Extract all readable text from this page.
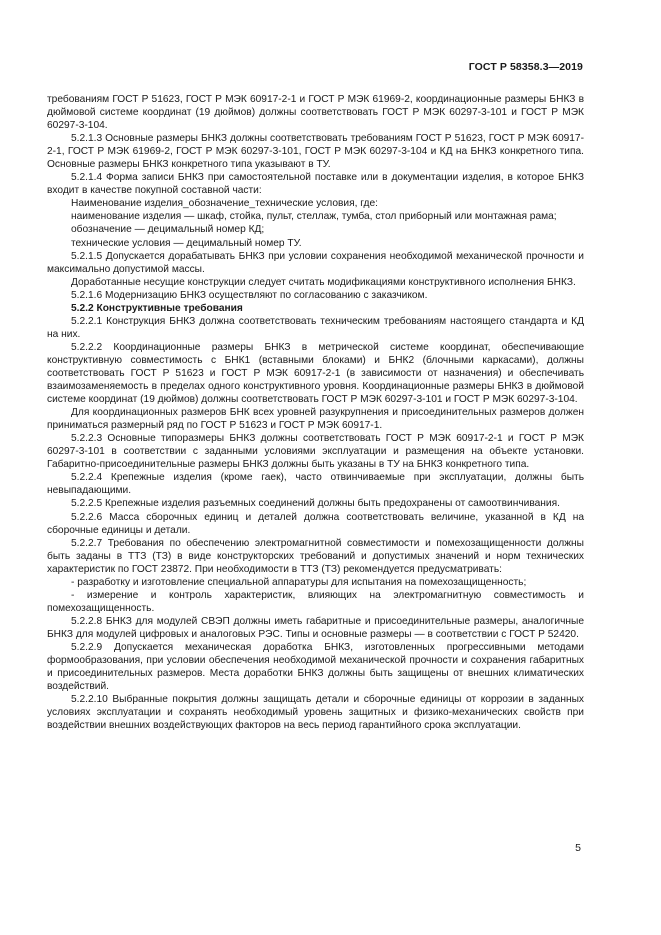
ГОСТ Р 58358.3—2019

требованиям ГОСТ Р 51623, ГОСТ Р МЭК 60917-2-1 и ГОСТ Р МЭК 61969-2, координационные размеры БНКЗ в дюймовой системе координат (19 дюймов) должны соответствовать ГОСТ Р МЭК 60297-3-101 и ГОСТ Р МЭК 60297-3-104.

5.2.1.3 Основные размеры БНКЗ должны соответствовать требованиям ГОСТ Р 51623, ГОСТ Р МЭК 60917-2-1, ГОСТ Р МЭК 61969-2, ГОСТ Р МЭК 60297-3-101, ГОСТ Р МЭК 60297-3-104 и КД на БНКЗ конкретного типа. Основные размеры БНКЗ конкретного типа указывают в ТУ.

5.2.1.4 Форма записи БНКЗ при самостоятельной поставке или в документации изделия, в которое БНКЗ входит в качестве покупной составной части:

Наименование изделия_обозначение_технические условия, где:

наименование изделия — шкаф, стойка, пульт, стеллаж, тумба, стол приборный или монтажная рама;

обозначение — децимальный номер КД;

технические условия — децимальный номер ТУ.

5.2.1.5 Допускается дорабатывать БНКЗ при условии сохранения необходимой механической прочности и максимально допустимой массы.

Доработанные несущие конструкции следует считать модификациями конструктивного исполнения БНКЗ.

5.2.1.6 Модернизацию БНКЗ осуществляют по согласованию с заказчиком.

5.2.2 Конструктивные требования

5.2.2.1 Конструкция БНКЗ должна соответствовать техническим требованиям настоящего стандарта и КД на них.

5.2.2.2 Координационные размеры БНКЗ в метрической системе координат, обеспечивающие конструктивную совместимость с БНК1 (вставными блоками) и БНК2 (блочными каркасами), должны соответствовать ГОСТ Р 51623 и ГОСТ Р МЭК 60917-2-1 (в зависимости от назначения) и обеспечивать взаимозаменяемость в пределах одного конструктивного уровня. Координационные размеры БНКЗ в дюймовой системе координат (19 дюймов) должны соответствовать ГОСТ Р МЭК 60297-3-101 и ГОСТ Р МЭК 60297-3-104.

Для координационных размеров БНК всех уровней разукрупнения и присоединительных размеров должен приниматься размерный ряд по ГОСТ Р 51623 и ГОСТ Р МЭК 60917-1.

5.2.2.3 Основные типоразмеры БНКЗ должны соответствовать ГОСТ Р МЭК 60917-2-1 и ГОСТ Р МЭК 60297-3-101 в соответствии с заданными условиями эксплуатации и размещения на объекте установки. Габаритно-присоединительные размеры БНКЗ должны быть указаны в ТУ на БНКЗ конкретного типа.

5.2.2.4 Крепежные изделия (кроме гаек), часто отвинчиваемые при эксплуатации, должны быть невыпадающими.

5.2.2.5 Крепежные изделия разъемных соединений должны быть предохранены от самоотвинчивания.

5.2.2.6 Масса сборочных единиц и деталей должна соответствовать величине, указанной в КД на сборочные единицы и детали.

5.2.2.7 Требования по обеспечению электромагнитной совместимости и помехозащищенности должны быть заданы в ТТЗ (ТЗ) в виде конструкторских требований и допустимых значений и норм технических характеристик по ГОСТ 23872. При необходимости в ТТЗ (ТЗ) рекомендуется предусматривать:

- разработку и изготовление специальной аппаратуры для испытания на помехозащищенность;

- измерение и контроль характеристик, влияющих на электромагнитную совместимость и помехозащищенность.

5.2.2.8 БНКЗ для модулей СВЭП должны иметь габаритные и присоединительные размеры, аналогичные БНКЗ для модулей цифровых и аналоговых РЭС. Типы и основные размеры — в соответствии с ГОСТ Р 52420.

5.2.2.9 Допускается механическая доработка БНКЗ, изготовленных прогрессивными методами формообразования, при условии обеспечения необходимой механической прочности и сохранения габаритных и присоединительных размеров. Места доработки БНКЗ должны быть защищены от внешних климатических воздействий.

5.2.2.10 Выбранные покрытия должны защищать детали и сборочные единицы от коррозии в заданных условиях эксплуатации и сохранять необходимый уровень защитных и физико-механических свойств при воздействии внешних воздействующих факторов на весь период гарантийного срока эксплуатации.

5
